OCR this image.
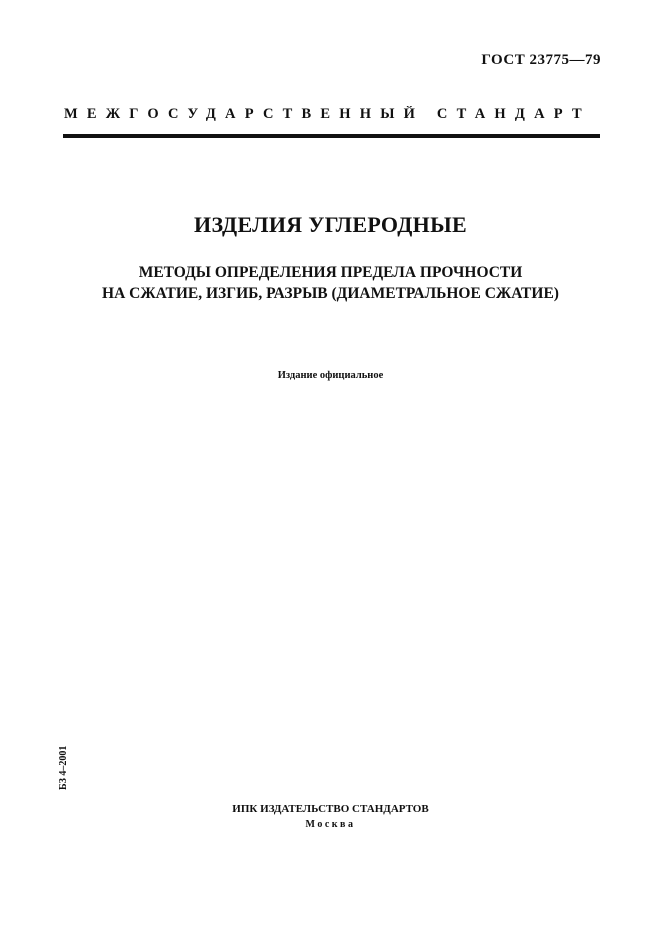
ГОСТ 23775—79
МЕЖГОСУДАРСТВЕННЫЙ СТАНДАРТ
ИЗДЕЛИЯ УГЛЕРОДНЫЕ
МЕТОДЫ ОПРЕДЕЛЕНИЯ ПРЕДЕЛА ПРОЧНОСТИ
НА СЖАТИЕ, ИЗГИБ, РАЗРЫВ (ДИАМЕТРАЛЬНОЕ СЖАТИЕ)
Издание официальное
БЗ 4–2001
ИПК ИЗДАТЕЛЬСТВО СТАНДАРТОВ
Москва
